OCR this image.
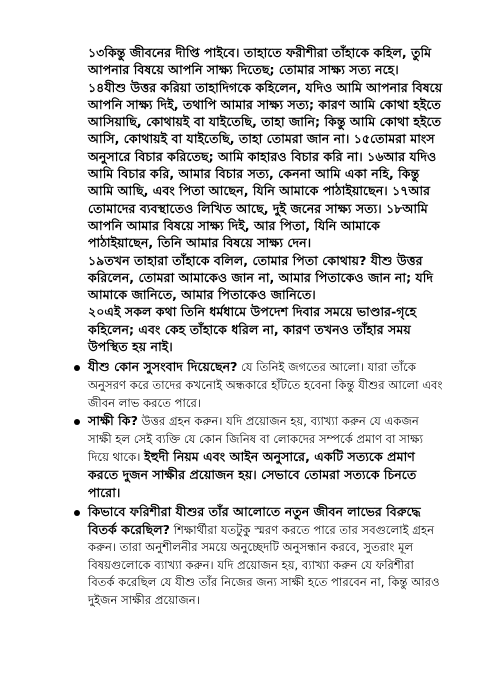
১৩কিন্তু জীবনের দীপ্তি পাইবে। তাহাতে ফরীশীরা তাঁহাকে কহিল, তুমি আপনার বিষয়ে আপনি সাক্ষ্য দিতেছ; তোমার সাক্ষ্য সত্য নহে।

১৪যীশু উত্তর করিয়া তাহাদিগকে কহিলেন, যদিও আমি আপনার বিষয়ে আপনি সাক্ষ্য দিই, তথাপি আমার সাক্ষ্য সত্য; কারণ আমি কোথা হইতে আসিয়াছি, কোথায়ই বা যাইতেছি, তাহা জানি; কিন্তু আমি কোথা হইতে আসি, কোথায়ই বা যাইতেছি, তাহা তোমরা জান না। ১৫তোমরা মাংস অনুসারে বিচার করিতেছ; আমি কাহারও বিচার করি না। ১৬আর যদিও আমি বিচার করি, আমার বিচার সত্য, কেননা আমি একা নহি, কিন্তু আমি আছি, এবং পিতা আছেন, যিনি আমাকে পাঠাইয়াছেন। ১৭আর তোমাদের ব্যবস্থাতেও লিখিত আছে, দুই জনের সাক্ষ্য সত্য। ১৮আমি আপনি আমার বিষয়ে সাক্ষ্য দিই, আর পিতা, যিনি আমাকে পাঠাইয়াছেন, তিনি আমার বিষয়ে সাক্ষ্য দেন।

১৯তখন তাহারা তাঁহাকে বলিল, তোমার পিতা কোথায়? যীশু উত্তর করিলেন, তোমরা আমাকেও জান না, আমার পিতাকেও জান না; যদি আমাকে জানিতে, আমার পিতাকেও জানিতে।

২০এই সকল কথা তিনি ধর্মধামে উপদেশ দিবার সময়ে ভাণ্ডার-গৃহে কহিলেন; এবং কেহ তাঁহাকে ধরিল না, কারণ তখনও তাঁহার সময় উপস্থিত হয় নাই।

যীশু কোন সুসংবাদ দিয়েছেন? যে তিনিই জগতের আলো। যারা তাঁকে অনুসরণ করে তাদের কখনোই অন্ধকারে হাঁটতে হবেনা কিন্তু যীশুর আলো এবং জীবন লাভ করতে পারে।
সাক্ষী কি? উত্তর গ্রহন করুন। যদি প্রয়োজন হয়, ব্যাখ্যা করুন যে একজন সাক্ষী হল সেই ব্যক্তি যে কোন জিনিষ বা লোকদের সম্পর্কে প্রমাণ বা সাক্ষ্য দিয়ে থাকে। ইহুদী নিয়ম এবং আইন অনুসারে, একটি সত্যকে প্রমাণ করতে দুজন সাক্ষীর প্রয়োজন হয়। সেভাবে তোমরা সত্যকে চিনতে পারো।
কিভাবে ফরিশীরা যীশুর তাঁর আলোতে নতুন জীবন লাভের বিরুদ্ধে বিতর্ক করেছিল? শিক্ষার্থীরা যতটুকু স্মরণ করতে পারে তার সবগুলোই গ্রহন করুন। তারা অনুশীলনীর সময়ে অনুচ্ছেদটি অনুসন্ধান করবে, সুতরাং মূল বিষয়গুলোকে ব্যাখ্যা করুন। যদি প্রয়োজন হয়, ব্যাখ্যা করুন যে ফরিশীরা বিতর্ক করেছিল যে যীশু তাঁর নিজের জন্য সাক্ষী হতে পারবেন না, কিন্তু আরও দুইজন সাক্ষীর প্রয়োজন।
